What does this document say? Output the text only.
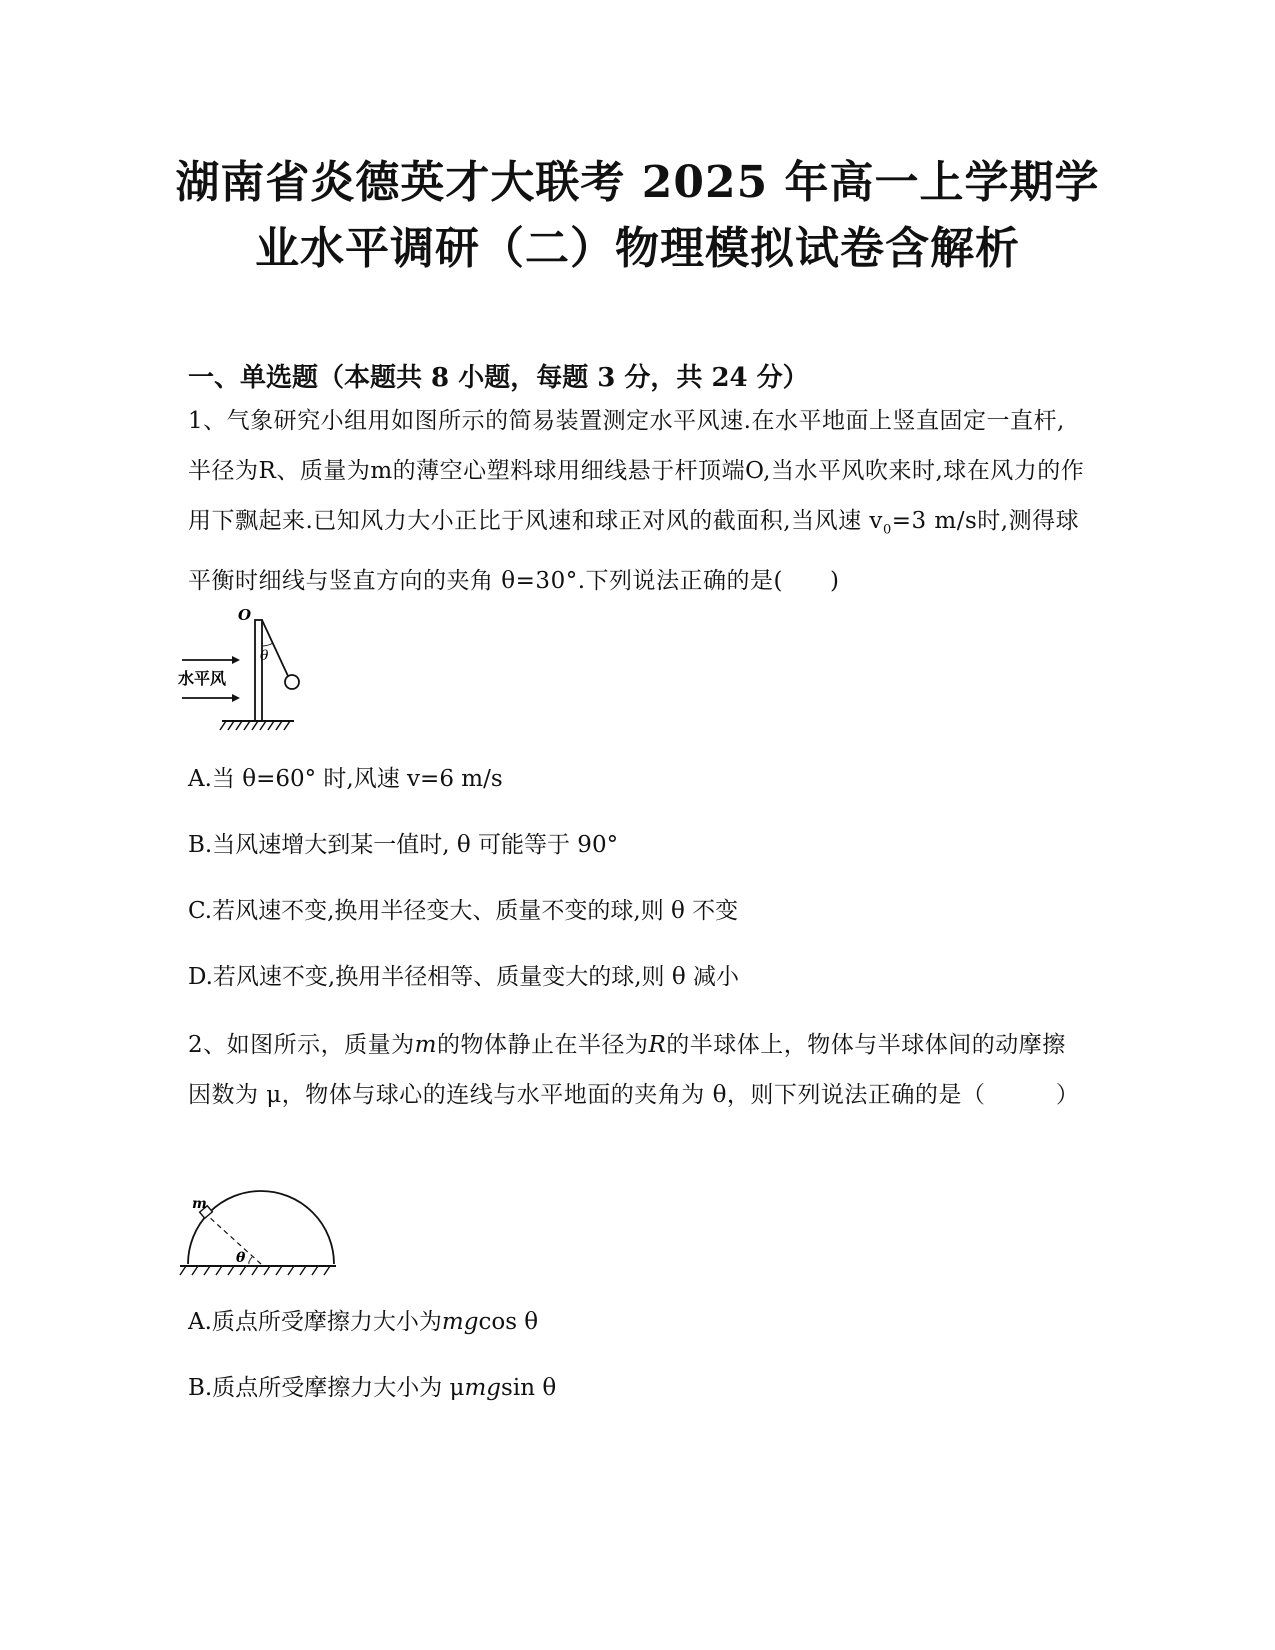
湖南省炎德英才大联考 2025 年高一上学期学
业水平调研（二）物理模拟试卷含解析
一、单选题（本题共 8 小题，每题 3 分，共 24 分）
1、气象研究小组用如图所示的简易装置测定水平风速.在水平地面上竖直固定一直杆,半径为R、质量为m的薄空心塑料球用细线悬于杆顶端O,当水平风吹来时,球在风力的作用下飘起来.已知风力大小正比于风速和球正对风的截面积,当风速 $v_0=3$ m/s时,测得球平衡时细线与竖直方向的夹角 θ=30°.下列说法正确的是(　　)
O
θ
水平风
A.当 θ=60° 时,风速 v=6 m/s
B.当风速增大到某一值时, θ 可能等于 90°
C.若风速不变,换用半径变大、质量不变的球,则 θ 不变
D.若风速不变,换用半径相等、质量变大的球,则 θ 减小
2、如图所示，质量为m的物体静止在半径为R的半球体上，物体与半球体间的动摩擦因数为 μ，物体与球心的连线与水平地面的夹角为 θ，则下列说法正确的是（　　　）
m
θ
A.质点所受摩擦力大小为mgcos θ
B.质点所受摩擦力大小为 μmgsin θ
